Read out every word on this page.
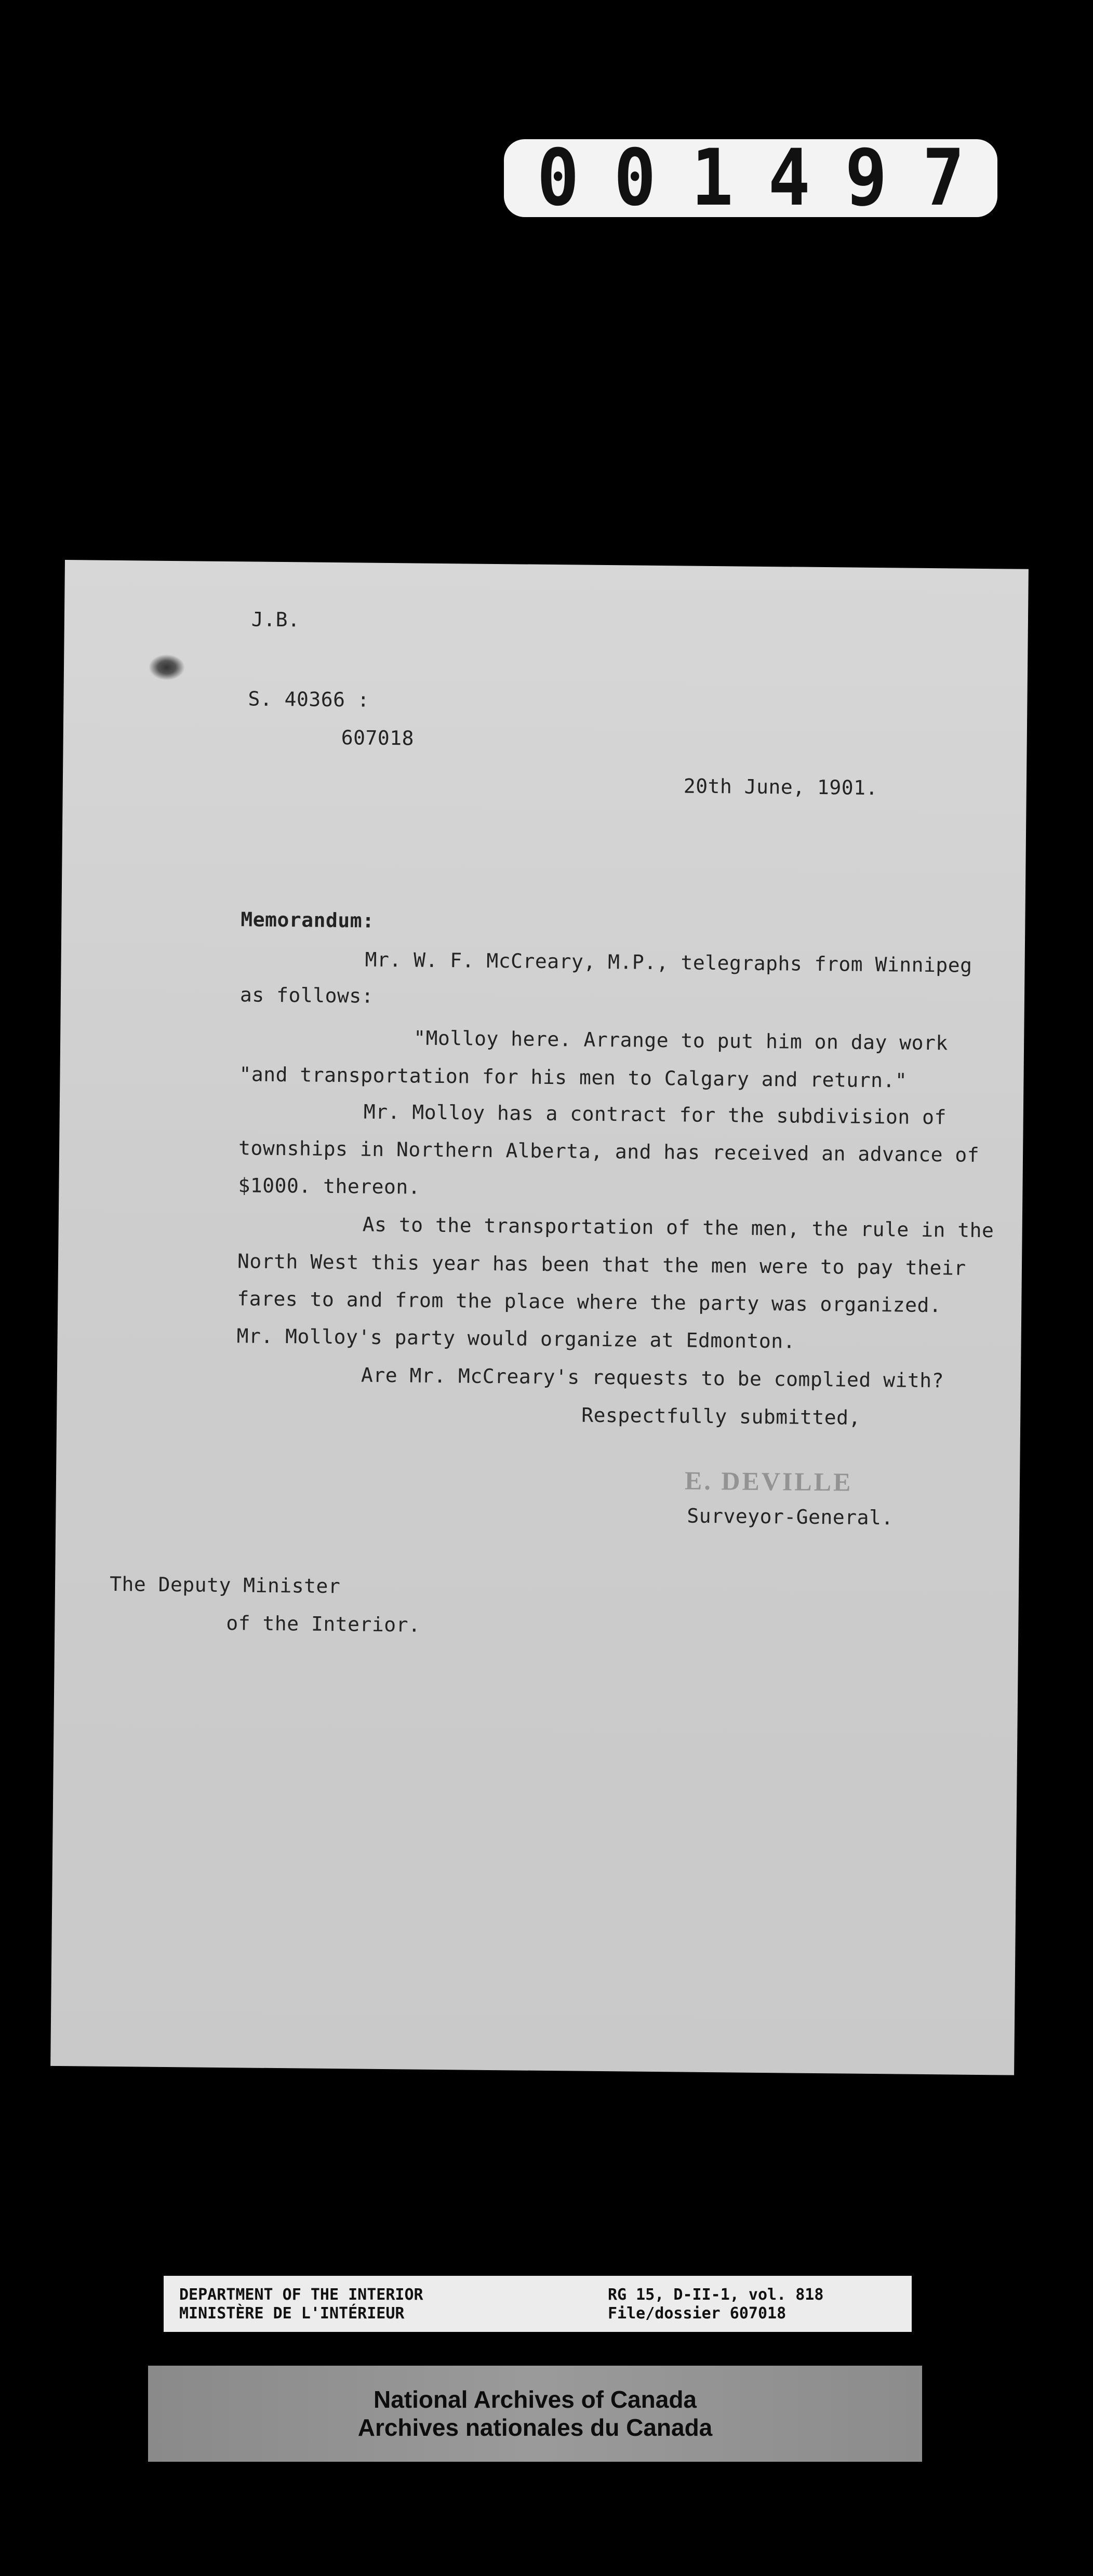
0 0 1 4 9 7
J.B.
S. 40366 :
607018
20th June, 1901.
Memorandum:
Mr. W. F. McCreary, M.P., telegraphs from Winnipeg
as follows:
"Molloy here. Arrange to put him on day work
"and transportation for his men to Calgary and return."
Mr. Molloy has a contract for the subdivision of
townships in Northern Alberta, and has received an advance of
$1000. thereon.
As to the transportation of the men, the rule in the
North West this year has been that the men were to pay their
fares to and from the place where the party was organized.
Mr. Molloy's party would organize at Edmonton.
Are Mr. McCreary's requests to be complied with?
Respectfully submitted,
E. DEVILLE
Surveyor-General.
The Deputy Minister
of the Interior.
DEPARTMENT OF THE INTERIOR
MINISTÈRE DE L'INTÉRIEUR
RG 15, D-II-1, vol. 818
File/dossier 607018
National Archives of Canada
Archives nationales du Canada
